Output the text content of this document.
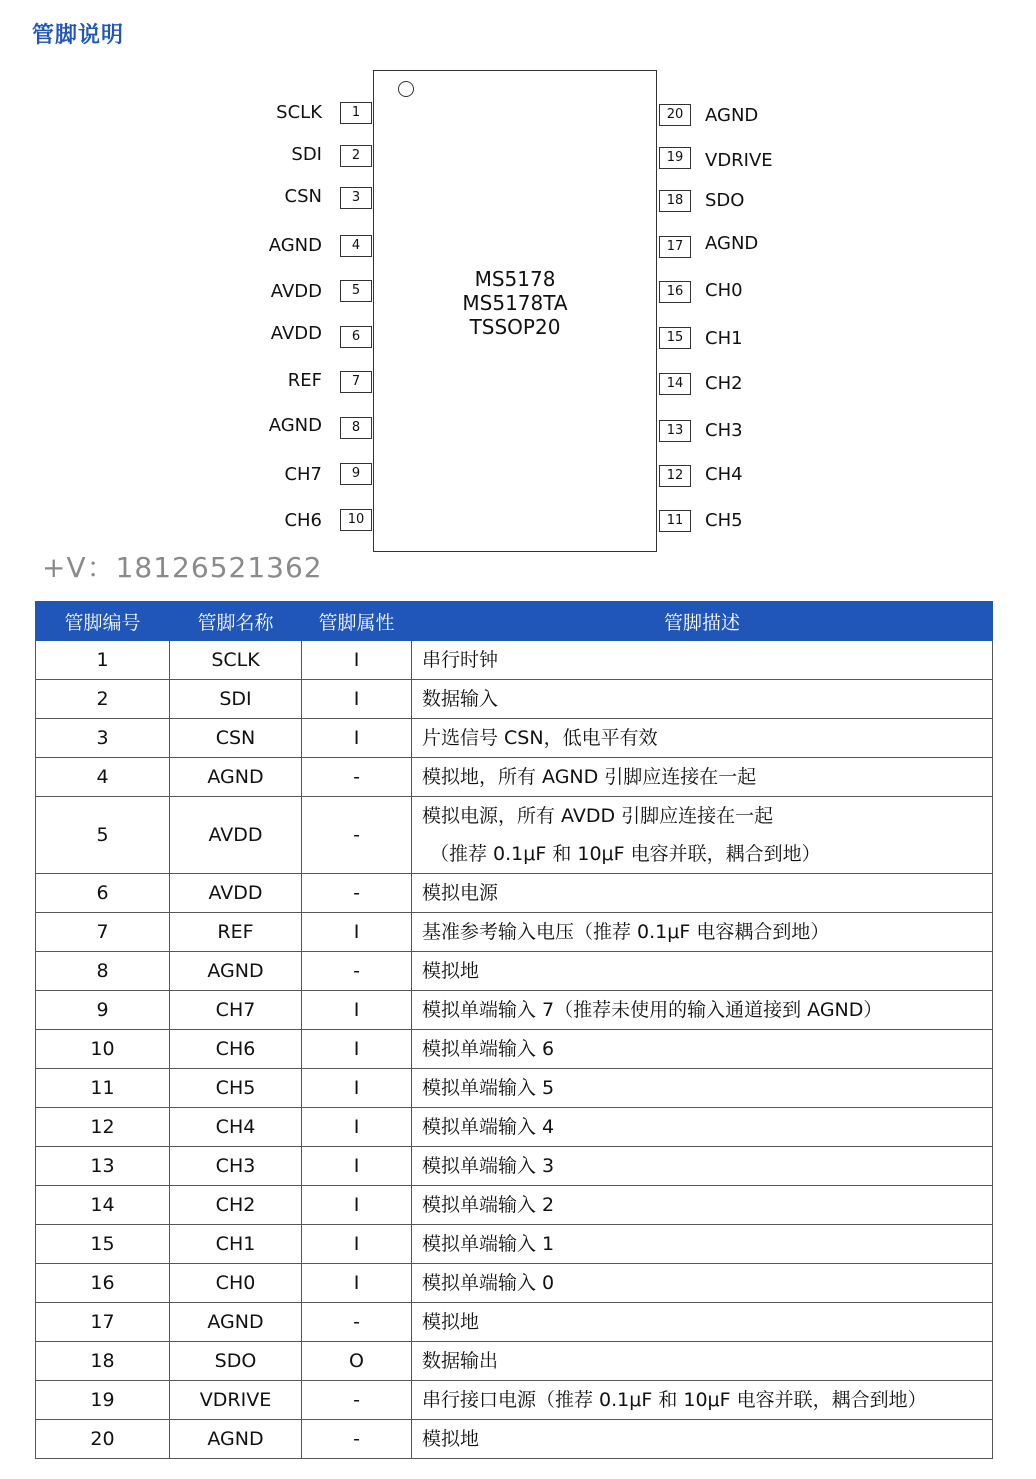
管脚说明
MS5178
MS5178TA
TSSOP20
1
SCLK
2
SDI
3
CSN
4
AGND
5
AVDD
6
AVDD
7
REF
8
AGND
9
CH7
10
CH6
20	AGND
19	VDRIVE
18	SDO
17	AGND
16	CH0
15	CH1
14	CH2
13	CH3
12	CH4
11	CH5
+V：18126521362
管脚编号	管脚名称	管脚属性	管脚描述
1	SCLK	I	串行时钟
2	SDI	I	数据输入
3	CSN	I	片选信号 CSN，低电平有效
4	AGND	-	模拟地，所有 AGND 引脚应连接在一起
5	AVDD	-	模拟电源，所有 AVDD 引脚应连接在一起
（推荐 0.1μF 和 10μF 电容并联，耦合到地）

6	AVDD	-	模拟电源
7	REF	I	基准参考输入电压（推荐 0.1μF 电容耦合到地）
8	AGND	-	模拟地
9	CH7	I	模拟单端输入 7（推荐未使用的输入通道接到 AGND）
10	CH6	I	模拟单端输入 6
11	CH5	I	模拟单端输入 5
12	CH4	I	模拟单端输入 4
13	CH3	I	模拟单端输入 3
14	CH2	I	模拟单端输入 2
15	CH1	I	模拟单端输入 1
16	CH0	I	模拟单端输入 0
17	AGND	-	模拟地
18	SDO	O	数据输出
19	VDRIVE	-	串行接口电源（推荐 0.1μF 和 10μF 电容并联，耦合到地）
20	AGND	-	模拟地
